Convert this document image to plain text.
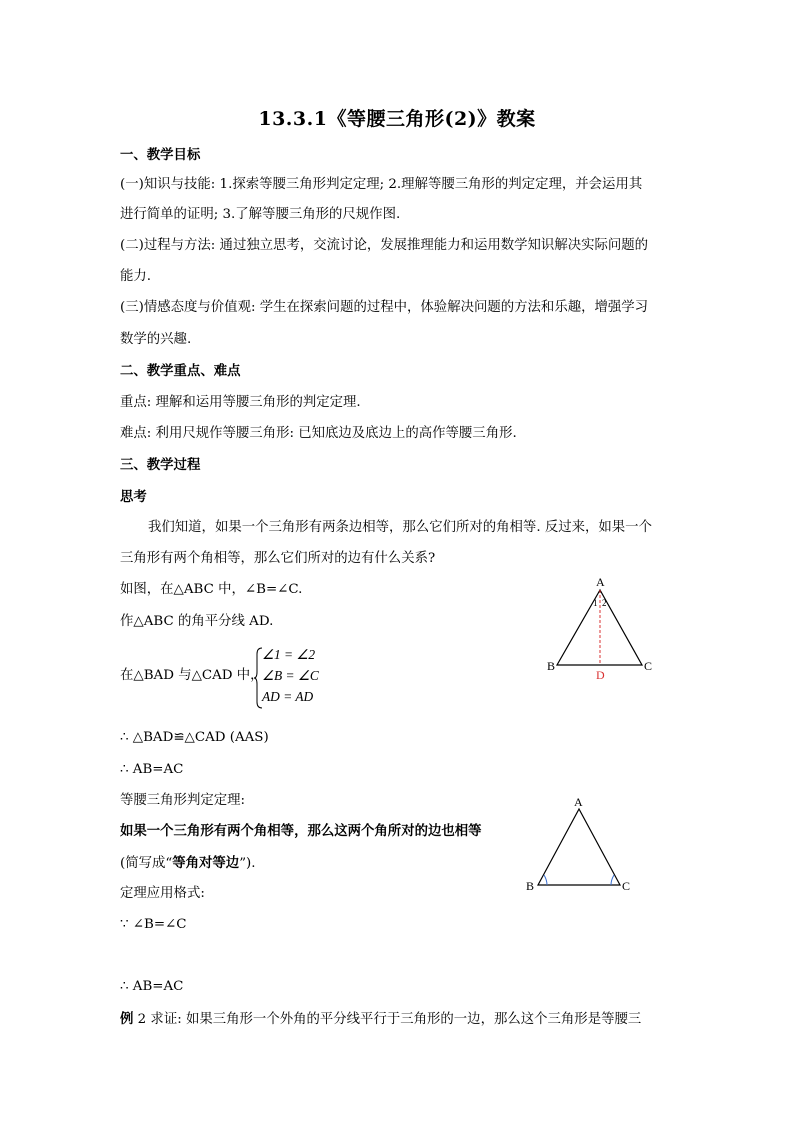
13.3.1《等腰三角形(2)》教案
一、教学目标
(一)知识与技能: 1.探索等腰三角形判定定理; 2.理解等腰三角形的判定定理，并会运用其
进行简单的证明; 3.了解等腰三角形的尺规作图.
(二)过程与方法: 通过独立思考，交流讨论，发展推理能力和运用数学知识解决实际问题的
能力.
(三)情感态度与价值观: 学生在探索问题的过程中，体验解决问题的方法和乐趣，增强学习
数学的兴趣.
二、教学重点、难点
重点: 理解和运用等腰三角形的判定定理.
难点: 利用尺规作等腰三角形: 已知底边及底边上的高作等腰三角形.
三、教学过程
思考
我们知道，如果一个三角形有两条边相等，那么它们所对的角相等. 反过来，如果一个
三角形有两个角相等，那么它们所对的边有什么关系?
如图，在△ABC 中，∠B=∠C.
作△ABC 的角平分线 AD.
在△BAD 与△CAD 中，
∠1 = ∠2
∠B = ∠C
AD = AD
∴ △BAD≌△CAD (AAS)
∴ AB=AC
等腰三角形判定定理:
如果一个三角形有两个角相等，那么这两个角所对的边也相等
(简写成“等角对等边”).
定理应用格式:
∵ ∠B=∠C
∴ AB=AC
例 2 求证: 如果三角形一个外角的平分线平行于三角形的一边，那么这个三角形是等腰三
A
B	C
D
1 2
A
B	C
